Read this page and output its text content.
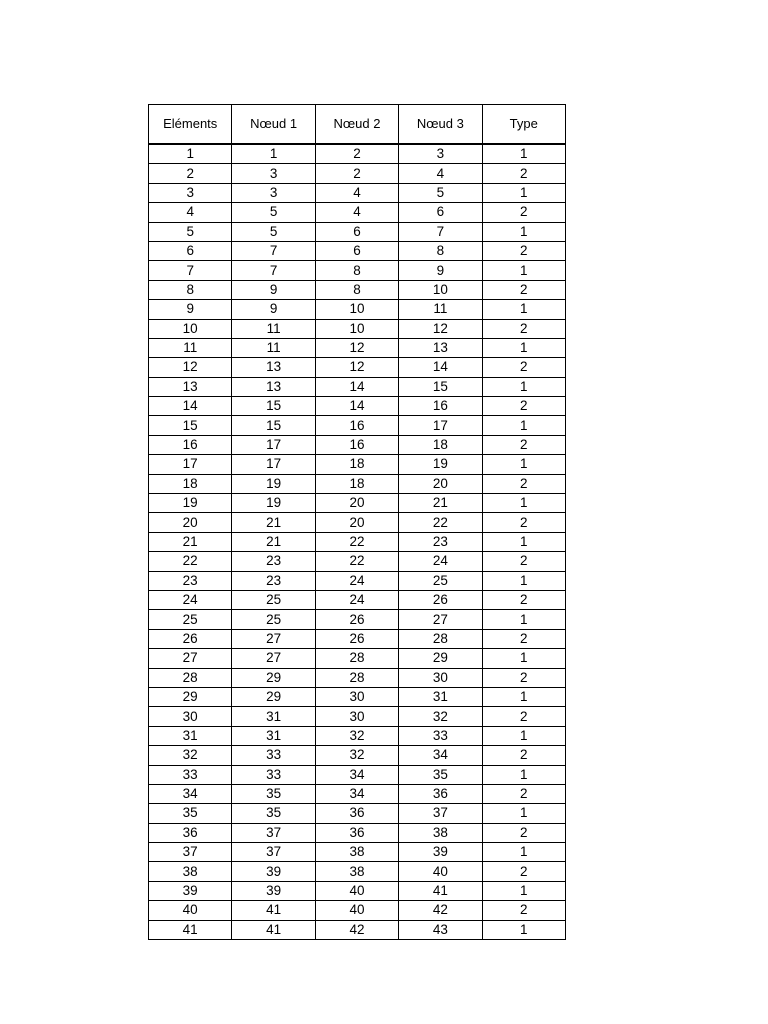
Eléments	Nœud 1	Nœud 2	Nœud 3	Type
1	1	2	3	1
2	3	2	4	2
3	3	4	5	1
4	5	4	6	2
5	5	6	7	1
6	7	6	8	2
7	7	8	9	1
8	9	8	10	2
9	9	10	11	1
10	11	10	12	2
11	11	12	13	1
12	13	12	14	2
13	13	14	15	1
14	15	14	16	2
15	15	16	17	1
16	17	16	18	2
17	17	18	19	1
18	19	18	20	2
19	19	20	21	1
20	21	20	22	2
21	21	22	23	1
22	23	22	24	2
23	23	24	25	1
24	25	24	26	2
25	25	26	27	1
26	27	26	28	2
27	27	28	29	1
28	29	28	30	2
29	29	30	31	1
30	31	30	32	2
31	31	32	33	1
32	33	32	34	2
33	33	34	35	1
34	35	34	36	2
35	35	36	37	1
36	37	36	38	2
37	37	38	39	1
38	39	38	40	2
39	39	40	41	1
40	41	40	42	2
41	41	42	43	1
